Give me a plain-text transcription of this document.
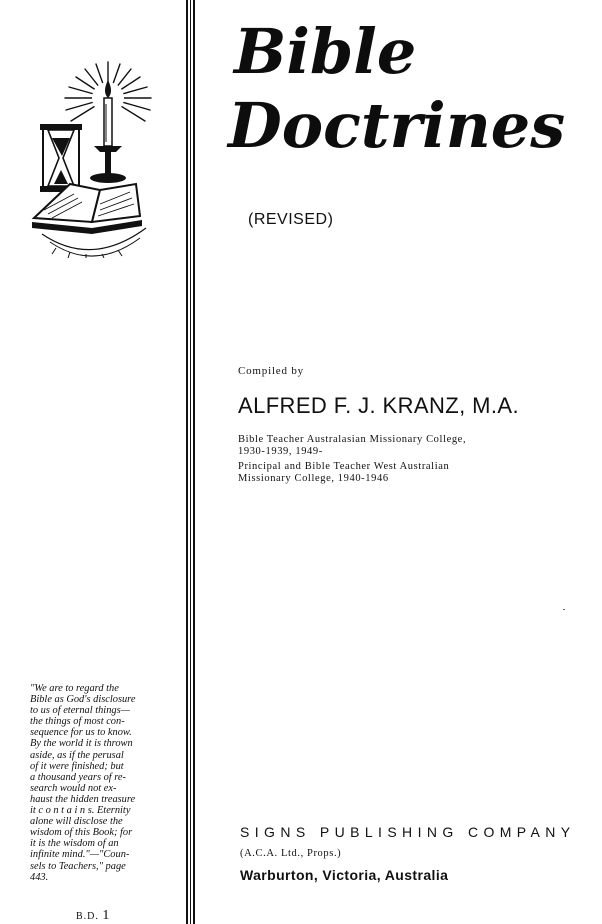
"We are to regard the
Bible as God's disclosure
to us of eternal things—
the things of most con-
sequence for us to know.
By the world it is thrown
aside, as if the perusal
of it were finished; but
a thousand years of re-
search would not ex-
haust the hidden treasure
it c o n t a i n s. Eternity
alone will disclose the
wisdom of this Book; for
it is the wisdom of an
infinite mind."—"Coun-
sels to Teachers," page
443.
B.D. 1
Bible
Doctrines
(REVISED)
Compiled by
ALFRED F. J. KRANZ, M.A.
Bible Teacher Australasian Missionary College,
1930-1939, 1949-
Principal and Bible Teacher West Australian
Missionary College, 1940-1946
SIGNS PUBLISHING COMPANY
(A.C.A. Ltd., Props.)
Warburton, Victoria, Australia
